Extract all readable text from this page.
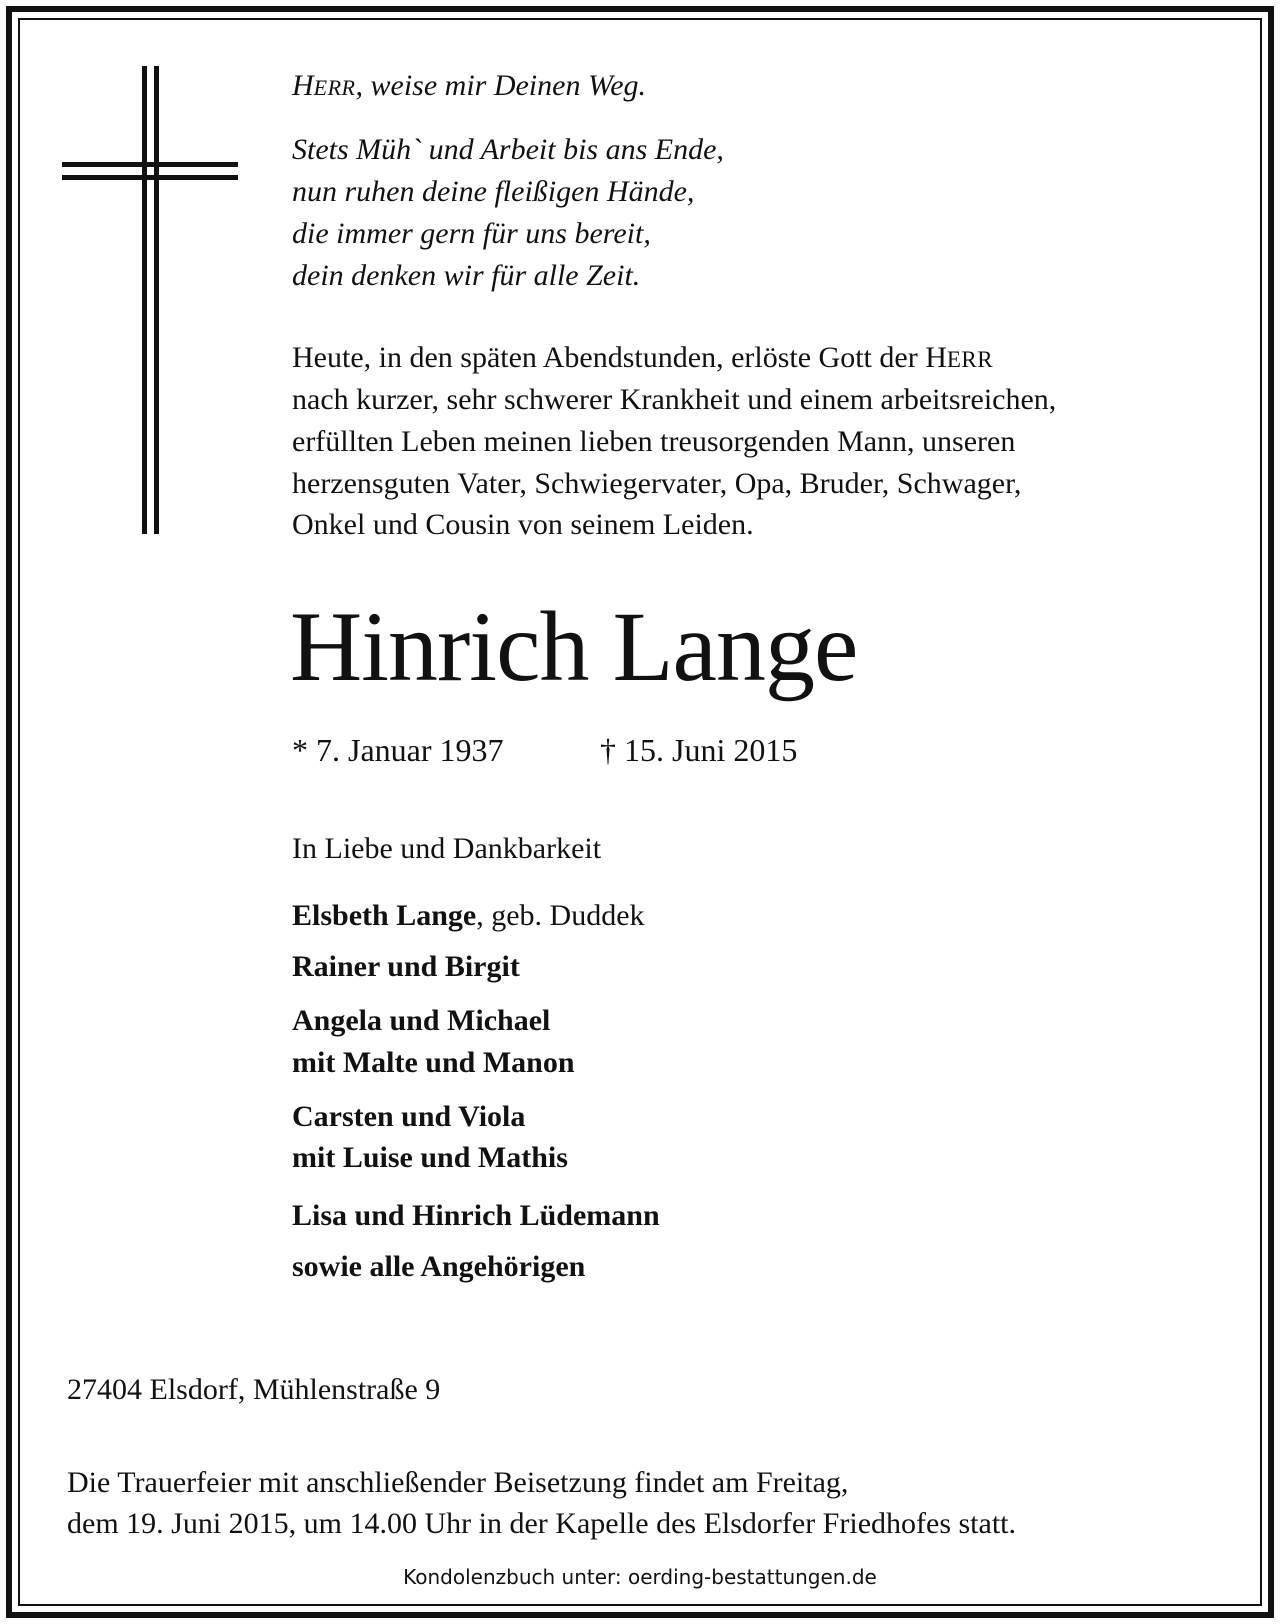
HERR, weise mir Deinen Weg.
Stets Müh` und Arbeit bis ans Ende,
nun ruhen deine fleißigen Hände,
die immer gern für uns bereit,
dein denken wir für alle Zeit.
Heute, in den späten Abendstunden, erlöste Gott der HERR
nach kurzer, sehr schwerer Krankheit und einem arbeitsreichen,
erfüllten Leben meinen lieben treusorgenden Mann, unseren
herzensguten Vater, Schwiegervater, Opa, Bruder, Schwager,
Onkel und Cousin von seinem Leiden.
Hinrich Lange
* 7. Januar 1937	† 15. Juni 2015
In Liebe und Dankbarkeit
Elsbeth Lange, geb. Duddek
Rainer und Birgit
Angela und Michael
mit Malte und Manon
Carsten und Viola
mit Luise und Mathis
Lisa und Hinrich Lüdemann
sowie alle Angehörigen
27404 Elsdorf, Mühlenstraße 9
Die Trauerfeier mit anschließender Beisetzung findet am Freitag,
dem 19. Juni 2015, um 14.00 Uhr in der Kapelle des Elsdorfer Friedhofes statt.
Kondolenzbuch unter: oerding-bestattungen.de
